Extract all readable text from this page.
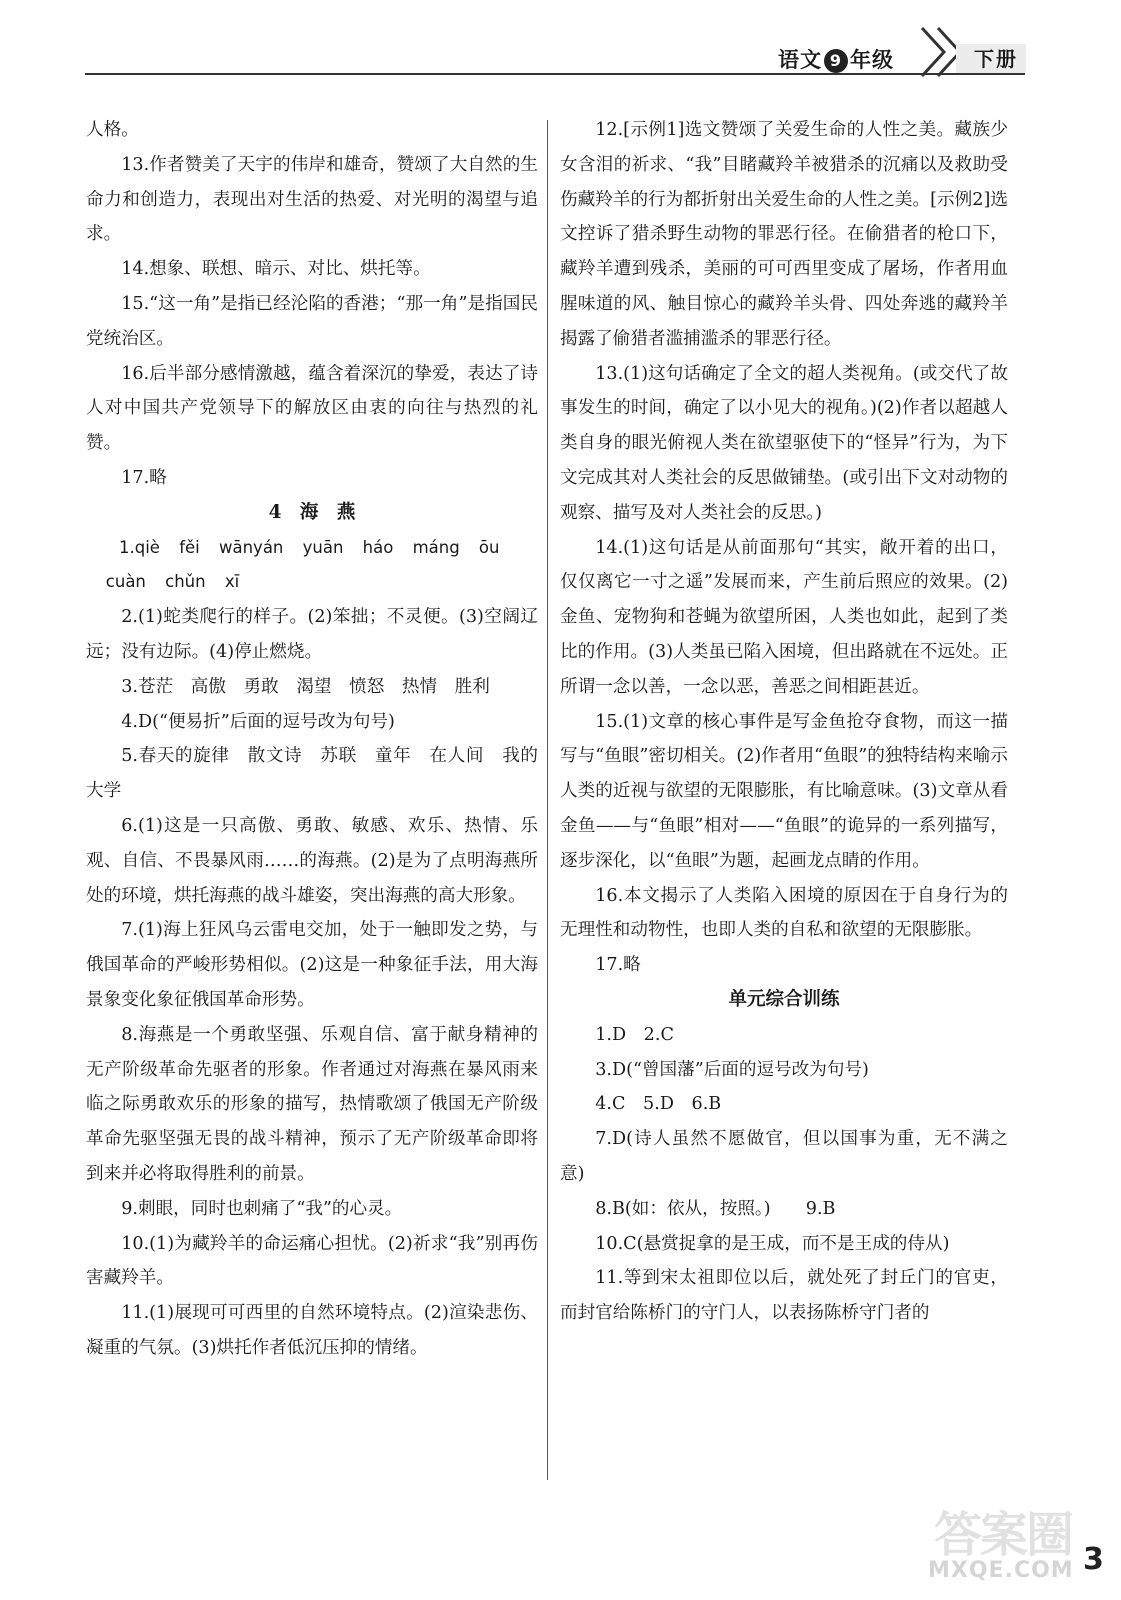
语文 9 年级	下册

人格。

13.作者赞美了天宇的伟岸和雄奇，赞颂了大自然的生命力和创造力，表现出对生活的热爱、对光明的渴望与追求。

14.想象、联想、暗示、对比、烘托等。

15.“这一角”是指已经沦陷的香港；“那一角”是指国民党统治区。

16.后半部分感情激越，蕴含着深沉的挚爱，表达了诗人对中国共产党领导下的解放区由衷的向往与热烈的礼赞。

17.略

4　海　燕

1.qiè fěi wānyán yuān háo máng ōu

cuàn chǔn xī

2.(1)蛇类爬行的样子。(2)笨拙；不灵便。(3)空阔辽远；没有边际。(4)停止燃烧。

3.苍茫　高傲　勇敢　渴望　愤怒　热情　胜利

4.D(“便易折”后面的逗号改为句号)

5.春天的旋律　散文诗　苏联　童年　在人间　我的大学

6.(1)这是一只高傲、勇敢、敏感、欢乐、热情、乐观、自信、不畏暴风雨……的海燕。(2)是为了点明海燕所处的环境，烘托海燕的战斗雄姿，突出海燕的高大形象。

7.(1)海上狂风乌云雷电交加，处于一触即发之势，与俄国革命的严峻形势相似。(2)这是一种象征手法，用大海景象变化象征俄国革命形势。

8.海燕是一个勇敢坚强、乐观自信、富于献身精神的无产阶级革命先驱者的形象。作者通过对海燕在暴风雨来临之际勇敢欢乐的形象的描写，热情歌颂了俄国无产阶级革命先驱坚强无畏的战斗精神，预示了无产阶级革命即将到来并必将取得胜利的前景。

9.刺眼，同时也刺痛了“我”的心灵。

10.(1)为藏羚羊的命运痛心担忧。(2)祈求“我”别再伤害藏羚羊。

11.(1)展现可可西里的自然环境特点。(2)渲染悲伤、凝重的气氛。(3)烘托作者低沉压抑的情绪。

12.[示例1]选文赞颂了关爱生命的人性之美。藏族少女含泪的祈求、“我”目睹藏羚羊被猎杀的沉痛以及救助受伤藏羚羊的行为都折射出关爱生命的人性之美。[示例2]选文控诉了猎杀野生动物的罪恶行径。在偷猎者的枪口下，藏羚羊遭到残杀，美丽的可可西里变成了屠场，作者用血腥味道的风、触目惊心的藏羚羊头骨、四处奔逃的藏羚羊揭露了偷猎者滥捕滥杀的罪恶行径。

13.(1)这句话确定了全文的超人类视角。(或交代了故事发生的时间，确定了以小见大的视角。)(2)作者以超越人类自身的眼光俯视人类在欲望驱使下的“怪异”行为，为下文完成其对人类社会的反思做铺垫。(或引出下文对动物的观察、描写及对人类社会的反思。)

14.(1)这句话是从前面那句“其实，敞开着的出口，仅仅离它一寸之遥”发展而来，产生前后照应的效果。(2)金鱼、宠物狗和苍蝇为欲望所困，人类也如此，起到了类比的作用。(3)人类虽已陷入困境，但出路就在不远处。正所谓一念以善，一念以恶，善恶之间相距甚近。

15.(1)文章的核心事件是写金鱼抢夺食物，而这一描写与“鱼眼”密切相关。(2)作者用“鱼眼”的独特结构来喻示人类的近视与欲望的无限膨胀，有比喻意味。(3)文章从看金鱼——与“鱼眼”相对——“鱼眼”的诡异的一系列描写，逐步深化，以“鱼眼”为题，起画龙点睛的作用。

16.本文揭示了人类陷入困境的原因在于自身行为的无理性和动物性，也即人类的自私和欲望的无限膨胀。

17.略

单元综合训练

1.D　2.C

3.D(“曾国藩”后面的逗号改为句号)

4.C　5.D　6.B

7.D(诗人虽然不愿做官，但以国事为重，无不满之意)

8.B(如：依从，按照。)　　9.B

10.C(悬赏捉拿的是王成，而不是王成的侍从)

11.等到宋太祖即位以后，就处死了封丘门的官吏，而封官给陈桥门的守门人，以表扬陈桥守门者的

答案圈
MXQE.COM 3
